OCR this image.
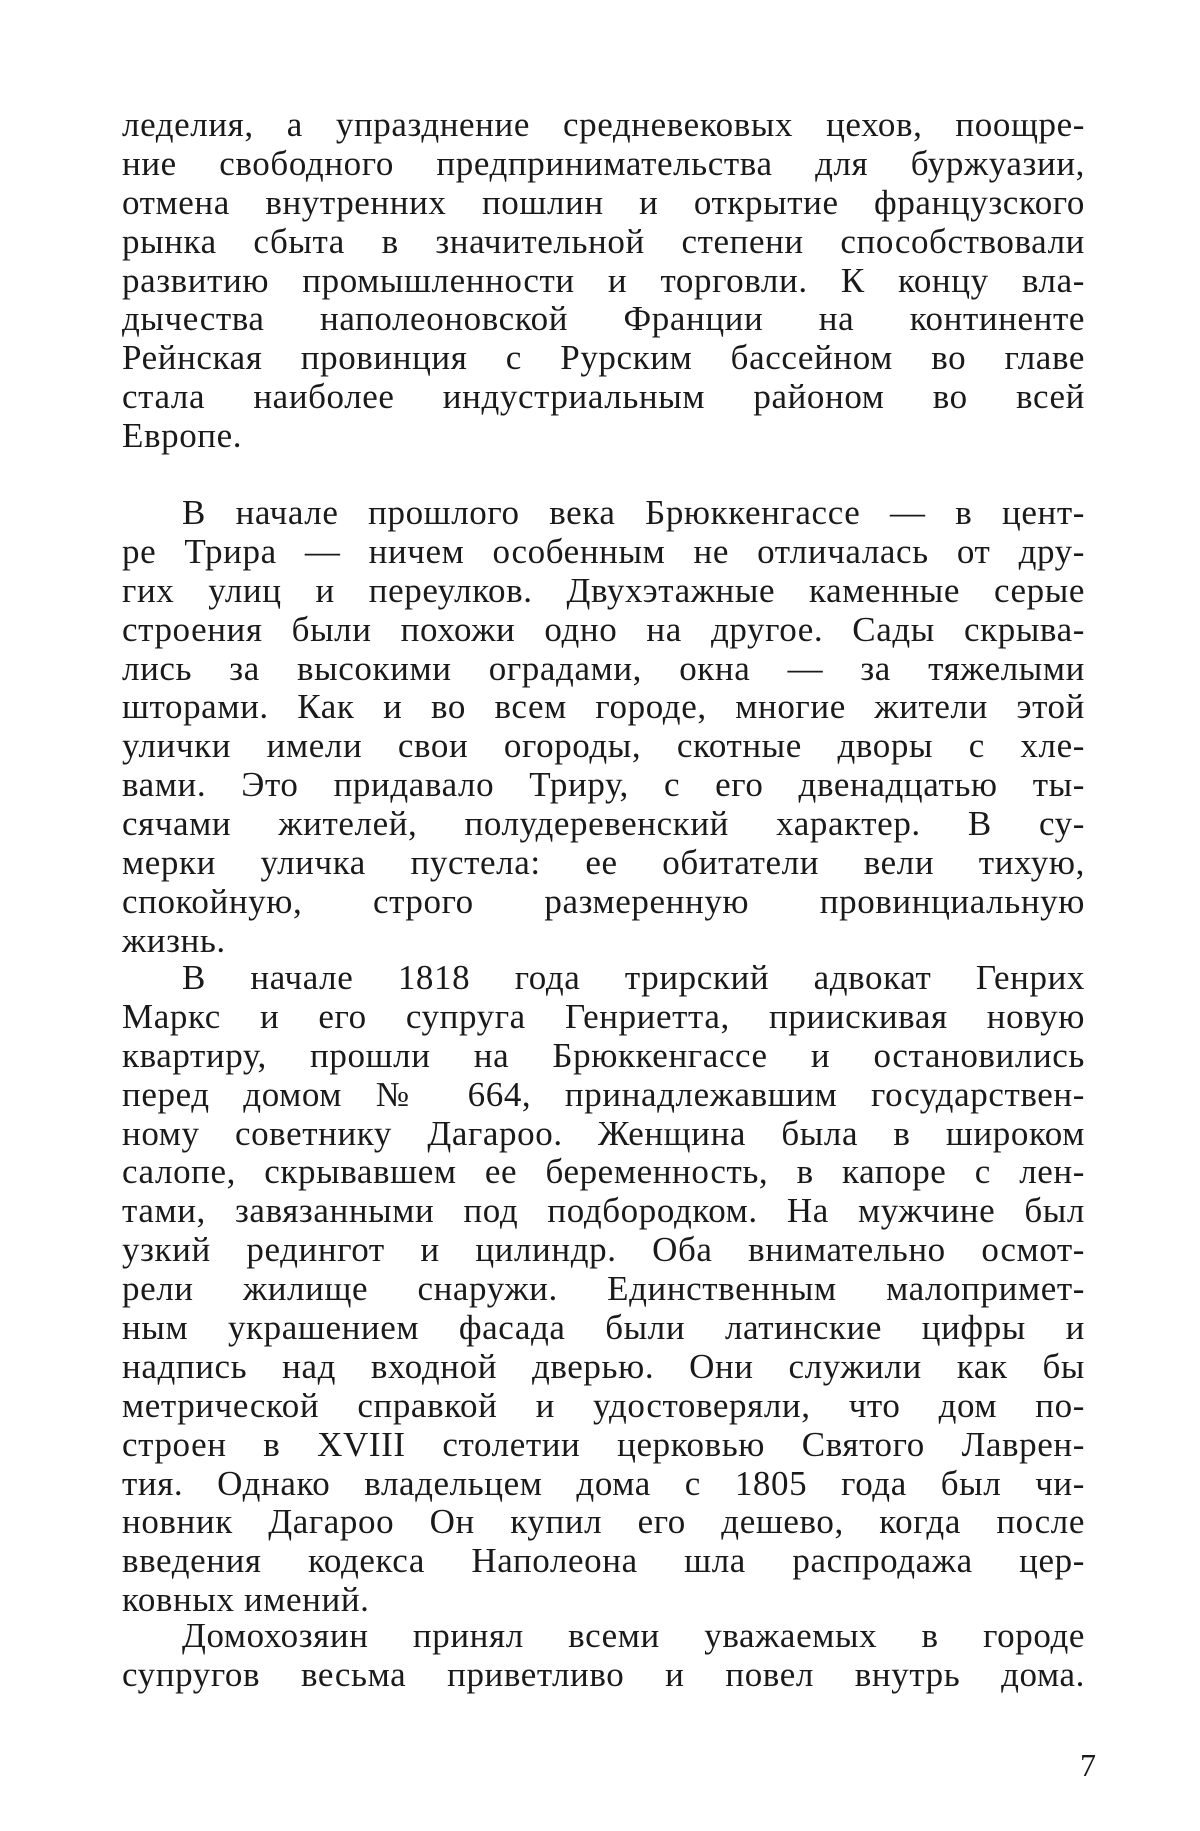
леделия, а упразднение средневековых цехов, поощре-
ние свободного предпринимательства для буржуазии,
отмена внутренних пошлин и открытие французского
рынка сбыта в значительной степени способствовали
развитию промышленности и торговли. К концу вла-
дычества наполеоновской Франции на континенте
Рейнская провинция с Рурским бассейном во главе
стала наиболее индустриальным районом во всей
Европе.
В начале прошлого века Брюккенгассе — в цент-
ре Трира — ничем особенным не отличалась от дру-
гих улиц и переулков. Двухэтажные каменные серые
строения были похожи одно на другое. Сады скрыва-
лись за высокими оградами, окна — за тяжелыми
шторами. Как и во всем городе, многие жители этой
улички имели свои огороды, скотные дворы с хле-
вами. Это придавало Триру, с его двенадцатью ты-
сячами жителей, полудеревенский характер. В су-
мерки уличка пустела: ее обитатели вели тихую,
спокойную, строго размеренную провинциальную
жизнь.
В начале 1818 года трирский адвокат Генрих
Маркс и его супруга Генриетта, приискивая новую
квартиру, прошли на Брюккенгассе и остановились
перед домом № 664, принадлежавшим государствен-
ному советнику Дагароо. Женщина была в широком
салопе, скрывавшем ее беременность, в капоре с лен-
тами, завязанными под подбородком. На мужчине был
узкий редингот и цилиндр. Оба внимательно осмот-
рели жилище снаружи. Единственным малопримет-
ным украшением фасада были латинские цифры и
надпись над входной дверью. Они служили как бы
метрической справкой и удостоверяли, что дом по-
строен в XVIII столетии церковью Святого Лаврен-
тия. Однако владельцем дома с 1805 года был чи-
новник Дагароо Он купил его дешево, когда после
введения кодекса Наполеона шла распродажа цер-
ковных имений.
Домохозяин принял всеми уважаемых в городе
супругов весьма приветливо и повел внутрь дома.
7
